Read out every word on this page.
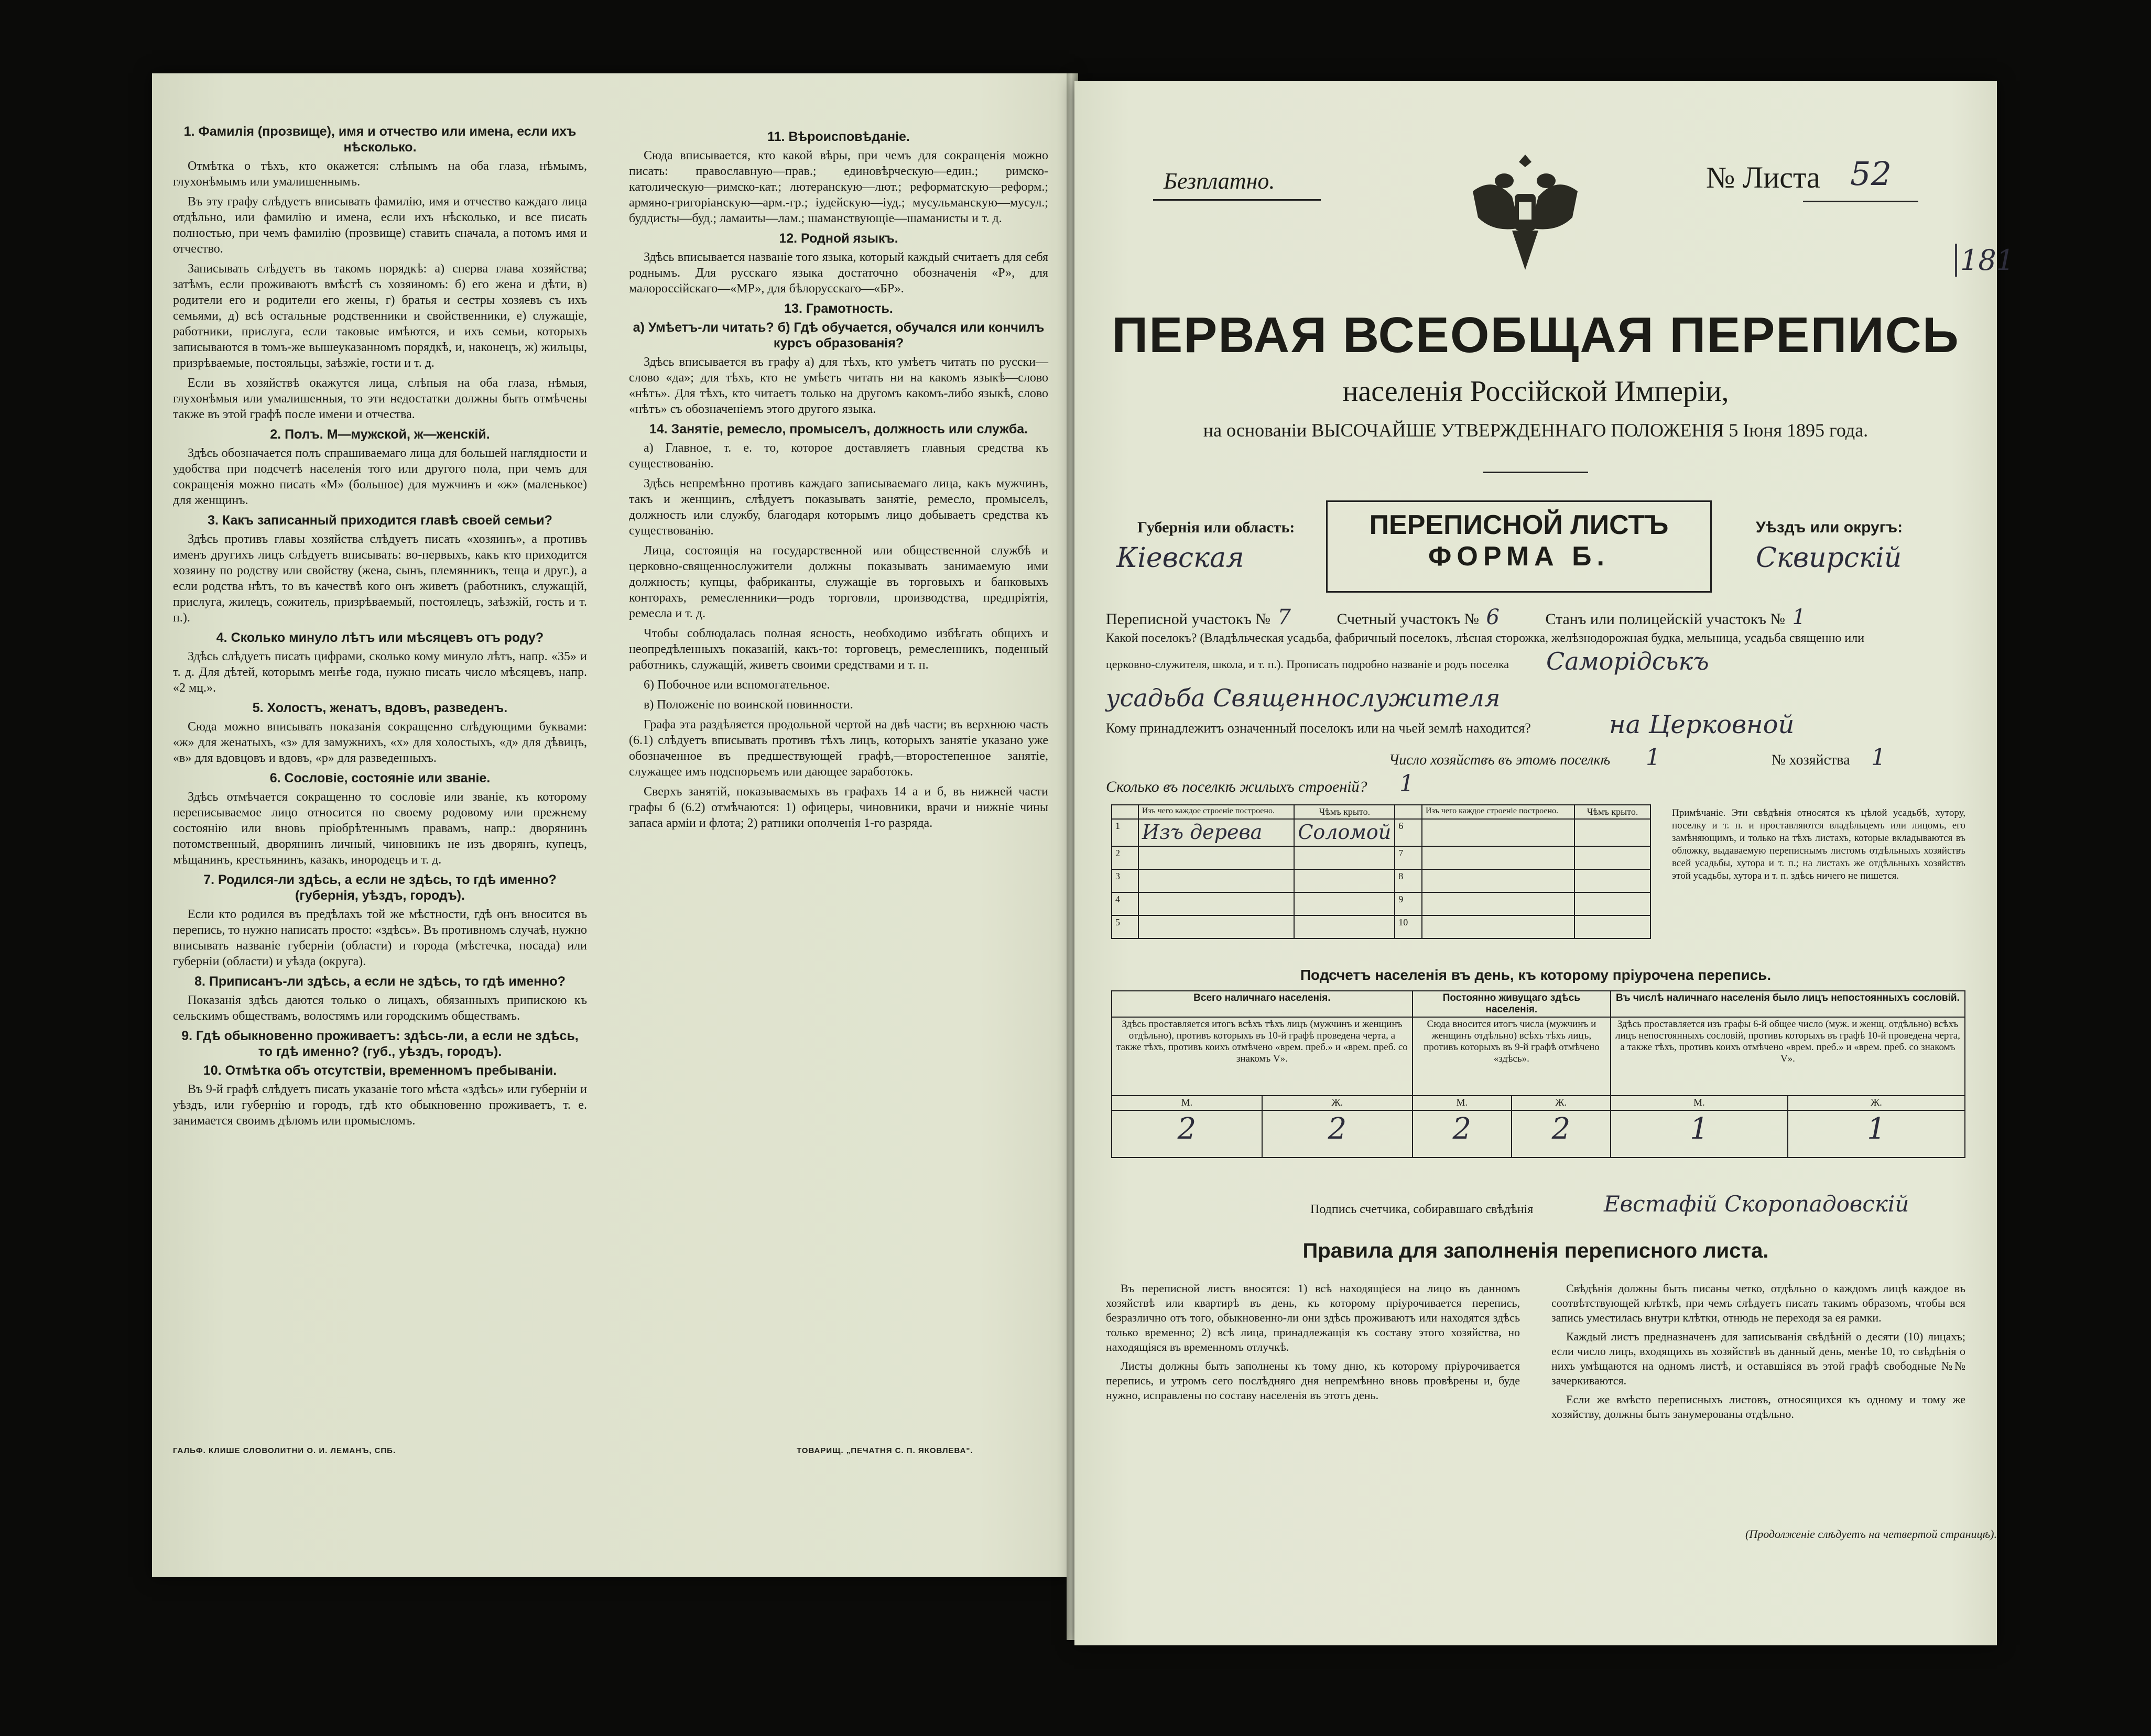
1. Фамилія (прозвище), имя и отчество или имена, если ихъ нѣсколько.

Отмѣтка о тѣхъ, кто окажется: слѣпымъ на оба глаза, нѣмымъ, глухонѣмымъ или умалишеннымъ.

Въ эту графу слѣдуетъ вписывать фамилію, имя и отчество каждаго лица отдѣльно, или фамилію и имена, если ихъ нѣсколько, и все писать полностью, при чемъ фамилію (прозвище) ставить сначала, а потомъ имя и отчество.

Записывать слѣдуетъ въ такомъ порядкѣ: а) сперва глава хозяйства; затѣмъ, если проживаютъ вмѣстѣ съ хозяиномъ: б) его жена и дѣти, в) родители его и родители его жены, г) братья и сестры хозяевъ съ ихъ семьями, д) всѣ остальные родственники и свойственники, е) служащіе, работники, прислуга, если таковые имѣются, и ихъ семьи, которыхъ записываются в томъ-же вышеуказанномъ порядкѣ, и, наконецъ, ж) жильцы, призрѣваемые, постояльцы, заѣзжіе, гости и т. д.

Если въ хозяйствѣ окажутся лица, слѣпыя на оба глаза, нѣмыя, глухонѣмыя или умалишенныя, то эти недостатки должны быть отмѣчены также въ этой графѣ после имени и отчества.

2. Полъ. М—мужской, ж—женскій.

Здѣсь обозначается полъ спрашиваемаго лица для большей наглядности и удобства при подсчетѣ населенія того или другого пола, при чемъ для сокращенія можно писать «М» (большое) для мужчинъ и «ж» (маленькое) для женщинъ.

3. Какъ записанный приходится главѣ своей семьи?

Здѣсь противъ главы хозяйства слѣдуетъ писать «хозяинъ», а противъ именъ другихъ лицъ слѣдуетъ вписывать: во-первыхъ, какъ кто приходится хозяину по родству или свойству (жена, сынъ, племянникъ, теща и друг.), а если родства нѣтъ, то въ качествѣ кого онъ живетъ (работникъ, служащій, прислуга, жилецъ, сожитель, призрѣваемый, постоялецъ, заѣзжій, гость и т. п.).

4. Сколько минуло лѣтъ или мѣсяцевъ отъ роду?

Здѣсь слѣдуетъ писать цифрами, сколько кому минуло лѣтъ, напр. «35» и т. д. Для дѣтей, которымъ менѣе года, нужно писать число мѣсяцевъ, напр. «2 мц.».

5. Холостъ, женатъ, вдовъ, разведенъ.

Сюда можно вписывать показанія сокращенно слѣдующими буквами: «ж» для женатыхъ, «з» для замужнихъ, «х» для холостыхъ, «д» для дѣвицъ, «в» для вдовцовъ и вдовъ, «р» для разведенныхъ.

6. Сословіе, состояніе или званіе.

Здѣсь отмѣчается сокращенно то сословіе или званіе, къ которому переписываемое лицо относится по своему родовому или прежнему состоянію или вновь пріобрѣтеннымъ правамъ, напр.: дворянинъ потомственный, дворянинъ личный, чиновникъ не изъ дворянъ, купецъ, мѣщанинъ, крестьянинъ, казакъ, инородецъ и т. д.

7. Родился-ли здѣсь, а если не здѣсь, то гдѣ именно? (губернія, уѣздъ, городъ).

Если кто родился въ предѣлахъ той же мѣстности, гдѣ онъ вносится въ перепись, то нужно написать просто: «здѣсь». Въ противномъ случаѣ, нужно вписывать названіе губерніи (области) и города (мѣстечка, посада) или губерніи (области) и уѣзда (округа).

8. Приписанъ-ли здѣсь, а если не здѣсь, то гдѣ именно?

Показанія здѣсь даются только о лицахъ, обязанныхъ припискою къ сельскимъ обществамъ, волостямъ или городскимъ обществамъ.

9. Гдѣ обыкновенно проживаетъ: здѣсь-ли, а если не здѣсь, то гдѣ именно? (губ., уѣздъ, городъ).
10. Отмѣтка объ отсутствіи, временномъ пребываніи.

Въ 9-й графѣ слѣдуетъ писать указаніе того мѣста «здѣсь» или губерніи и уѣздъ, или губернію и городъ, гдѣ кто обыкновенно проживаетъ, т. е. занимается своимъ дѣломъ или промысломъ.

11. Вѣроисповѣданіе.

Сюда вписывается, кто какой вѣры, при чемъ для сокращенія можно писать: православную—прав.; единовѣрческую—един.; римско-католическую—римско-кат.; лютеранскую—лют.; реформатскую—реформ.; армяно-григоріанскую—арм.-гр.; іудейскую—іуд.; мусульманскую—мусул.; буддисты—буд.; ламаиты—лам.; шаманствующіе—шаманисты и т. д.

12. Родной языкъ.

Здѣсь вписывается названіе того языка, который каждый считаетъ для себя роднымъ. Для русскаго языка достаточно обозначенія «Р», для малороссійскаго—«МР», для бѣлорусскаго—«БР».

13. Грамотность.
а) Умѣетъ-ли читать? б) Гдѣ обучается, обучался или кончилъ курсъ образованія?

Здѣсь вписывается въ графу а) для тѣхъ, кто умѣетъ читать по русски—слово «да»; для тѣхъ, кто не умѣетъ читать ни на какомъ языкѣ—слово «нѣтъ». Для тѣхъ, кто читаетъ только на другомъ какомъ-либо языкѣ, слово «нѣтъ» съ обозначеніемъ этого другого языка.

14. Занятіе, ремесло, промыселъ, должность или служба.

а) Главное, т. е. то, которое доставляетъ главныя средства къ существованію.

Здѣсь непремѣнно противъ каждаго записываемаго лица, какъ мужчинъ, такъ и женщинъ, слѣдуетъ показывать занятіе, ремесло, промыселъ, должность или службу, благодаря которымъ лицо добываетъ средства къ существованію.

Лица, состоящія на государственной или общественной службѣ и церковно-священнослужители должны показывать занимаемую ими должность; купцы, фабриканты, служащіе въ торговыхъ и банковыхъ конторахъ, ремесленники—родъ торговли, производства, предпріятія, ремесла и т. д.

Чтобы соблюдалась полная ясность, необходимо избѣгать общихъ и неопредѣленныхъ показаній, какъ-то: торговецъ, ремесленникъ, поденный работникъ, служащій, живетъ своими средствами и т. п.

6) Побочное или вспомогательное.

в) Положеніе по воинской повинности.

Графа эта раздѣляется продольной чертой на двѣ части; въ верхнюю часть (6.1) слѣдуетъ вписывать противъ тѣхъ лицъ, которыхъ занятіе указано уже обозначенное въ предшествующей графѣ,—второстепенное занятіе, служащее имъ подспорьемъ или дающее заработокъ.

Сверхъ занятій, показываемыхъ въ графахъ 14 а и б, въ нижней части графы б (6.2) отмѣчаются: 1) офицеры, чиновники, врачи и нижніе чины запаса арміи и флота; 2) ратники ополченія 1-го разряда.

ГАЛЬФ. КЛИШЕ СЛОВОЛИТНИ О. И. ЛЕМАНЪ, СПБ.	ТОВАРИЩ. „ПЕЧАТНЯ С. П. ЯКОВЛЕВА".
Безплатно.	№ Листа 52
181
ПЕРВАЯ ВСЕОБЩАЯ ПЕРЕПИСЬ
населенія Россійской Имперіи,
на основаніи ВЫСОЧАЙШЕ УТВЕРЖДЕННАГО ПОЛОЖЕНІЯ 5 Іюня 1895 года.
Губернія или область:
Кіевская
ПЕРЕПИСНОЙ ЛИСТЪ
ФОРМА Б.
Уѣздъ или округъ:
Сквирскій
Переписной участокъ № 7	Счетный участокъ № 6	Станъ или полицейскій участокъ № 1
Какой поселокъ? (Владѣльческая усадьба, фабричный поселокъ, лѣсная сторожка, желѣзнодорожная будка, мельница, усадьба священно или
церковно-служителя, школа, и т. п.). Прописать подробно названіе и родъ поселка	Саморідськъ
усадьба Священнослужителя
Кому принадлежитъ означенный поселокъ или на чьей землѣ находится?	на Церковной
Число хозяйствъ въ этомъ поселкѣ 1	№ хозяйства 1
Сколько въ поселкѣ жилыхъ строеній? 1
	Изъ чего каждое строеніе построено.	Чѣмъ крыто.		Изъ чего каждое строеніе построено.	Чѣмъ крыто.
1	Изъ дерева	Соломой	6		
2			7		
3			8		
4			9		
5			10		
Примѣчаніе. Эти свѣдѣнія относятся къ цѣлой усадьбѣ, хутору, поселку и т. п. и проставляются владѣльцемъ или лицомъ, его замѣняющимъ, и только на тѣхъ листахъ, которые вкладываются въ обложку, выдаваемую переписнымъ листомъ отдѣльныхъ хозяйствъ всей усадьбы, хутора и т. п.; на листахъ же отдѣльныхъ хозяйствъ этой усадьбы, хутора и т. п. здѣсь ничего не пишется.
Подсчетъ населенія въ день, къ которому пріурочена перепись.
Всего наличнаго населенія.		Постоянно живущаго здѣсь населенія.		Въ числѣ наличнаго населенія было лицъ непостоянныхъ сословій.	
Здѣсь проставляется итогъ всѣхъ тѣхъ лицъ (мужчинъ и женщинъ отдѣльно), противъ которыхъ въ 10-й графѣ проведена черта, а также тѣхъ, противъ коихъ отмѣчено «врем. преб.» и «врем. преб. со знакомъ V».		Сюда вносится итогъ числа (мужчинъ и женщинъ отдѣльно) всѣхъ тѣхъ лицъ, противъ которыхъ въ 9-й графѣ отмѣчено «здѣсь».		Здѣсь проставляется изъ графы 6-й общее число (муж. и женщ. отдѣльно) всѣхъ лицъ непостоянныхъ сословій, противъ которыхъ въ графѣ 10-й проведена черта, а также тѣхъ, противъ коихъ отмѣчено «врем. преб.» и «врем. преб. со знакомъ V».	
М.	Ж.	М.	Ж.	М.	Ж.
2	2	2	2	1	1
Подпись счетчика, собиравшаго свѣдѣнія	Евстафій Скоропадовскій
Правила для заполненія переписного листа.

Въ переписной листъ вносятся: 1) всѣ находящіеся на лицо въ данномъ хозяйствѣ или квартирѣ въ день, къ которому пріурочивается перепись, безразлично отъ того, обыкновенно-ли они здѣсь проживаютъ или находятся здѣсь только временно; 2) всѣ лица, принадлежащія къ составу этого хозяйства, но находящіяся въ временномъ отлучкѣ.

Листы должны быть заполнены къ тому дню, къ которому пріурочивается перепись, и утромъ сего послѣдняго дня непремѣнно вновь провѣрены и, буде нужно, исправлены по составу населенія въ этотъ день.

Свѣдѣнія должны быть писаны четко, отдѣльно о каждомъ лицѣ каждое въ соотвѣтствующей клѣткѣ, при чемъ слѣдуетъ писать такимъ образомъ, чтобы вся запись уместилась внутри клѣтки, отнюдь не переходя за ея рамки.

Каждый листъ предназначенъ для записыванія свѣдѣній о десяти (10) лицахъ; если число лицъ, входящихъ въ хозяйствѣ въ данный день, менѣе 10, то свѣдѣнія о нихъ умѣщаются на одномъ листѣ, и оставшіяся въ этой графѣ свободные №№ зачеркиваются.

Если же вмѣсто переписныхъ листовъ, относящихся къ одному и тому же хозяйству, должны быть занумерованы отдѣльно.

(Продолженіе слѣдуетъ на четвертой страницѣ).
